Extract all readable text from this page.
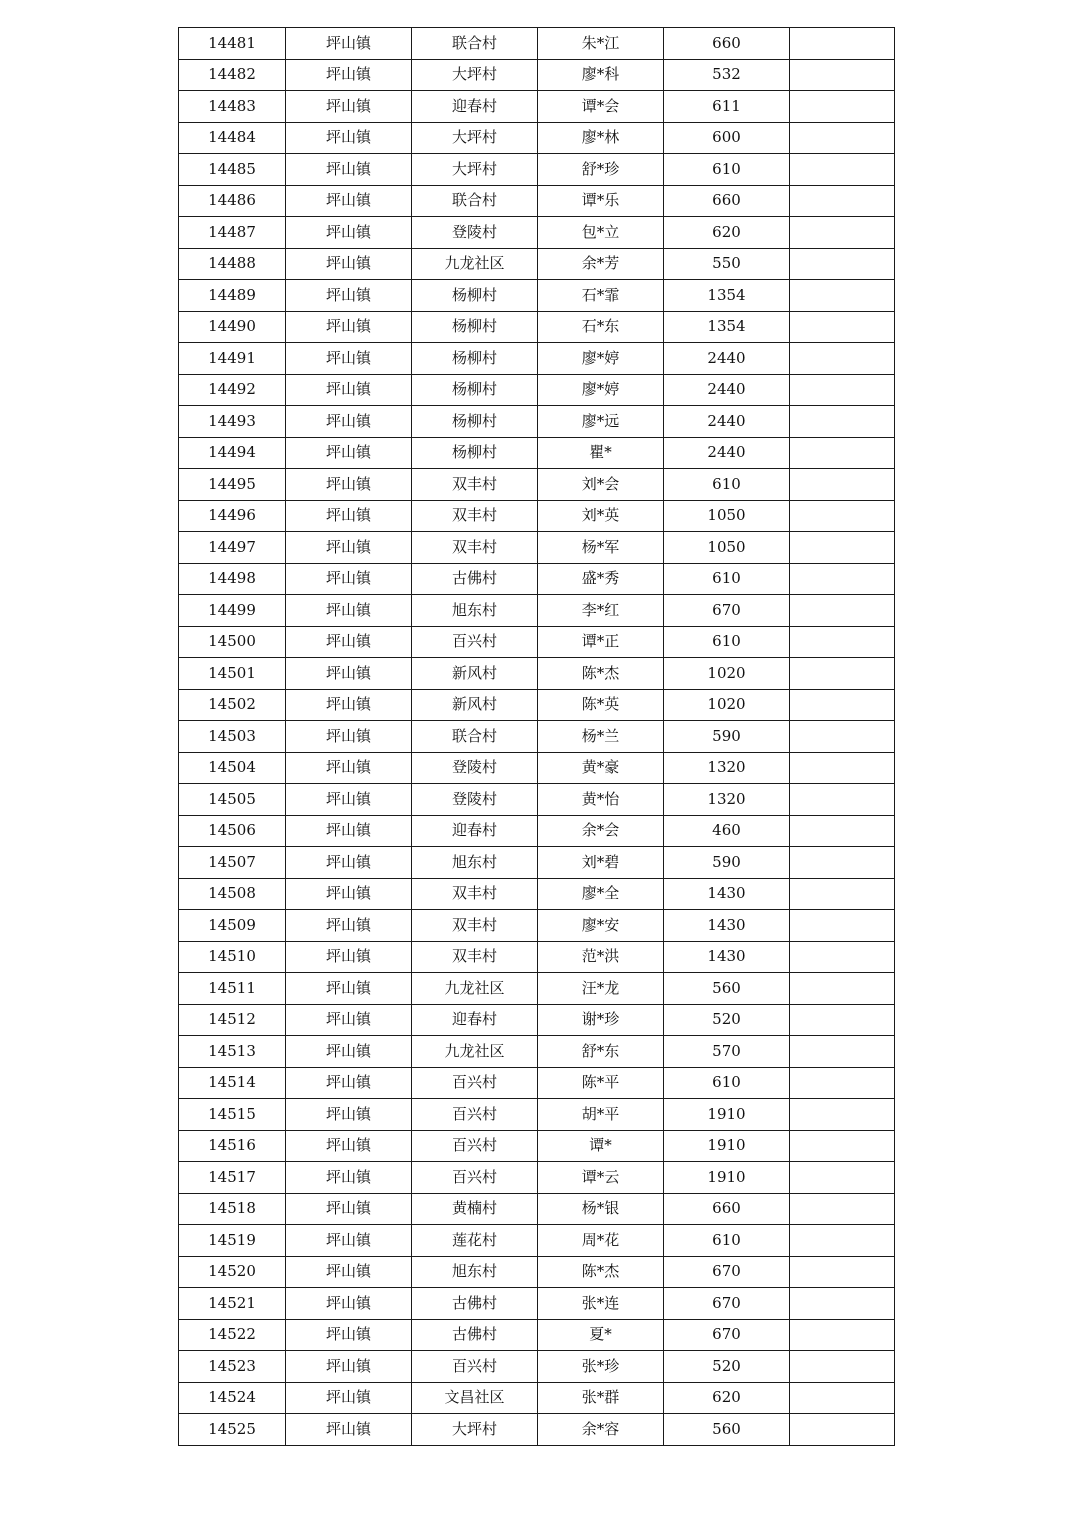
14481	坪山镇	联合村	朱*江	660	
14482	坪山镇	大坪村	廖*科	532	
14483	坪山镇	迎春村	谭*会	611	
14484	坪山镇	大坪村	廖*林	600	
14485	坪山镇	大坪村	舒*珍	610	
14486	坪山镇	联合村	谭*乐	660	
14487	坪山镇	登陵村	包*立	620	
14488	坪山镇	九龙社区	余*芳	550	
14489	坪山镇	杨柳村	石*霏	1354	
14490	坪山镇	杨柳村	石*东	1354	
14491	坪山镇	杨柳村	廖*婷	2440	
14492	坪山镇	杨柳村	廖*婷	2440	
14493	坪山镇	杨柳村	廖*远	2440	
14494	坪山镇	杨柳村	瞿*	2440	
14495	坪山镇	双丰村	刘*会	610	
14496	坪山镇	双丰村	刘*英	1050	
14497	坪山镇	双丰村	杨*军	1050	
14498	坪山镇	古佛村	盛*秀	610	
14499	坪山镇	旭东村	李*红	670	
14500	坪山镇	百兴村	谭*正	610	
14501	坪山镇	新风村	陈*杰	1020	
14502	坪山镇	新风村	陈*英	1020	
14503	坪山镇	联合村	杨*兰	590	
14504	坪山镇	登陵村	黄*豪	1320	
14505	坪山镇	登陵村	黄*怡	1320	
14506	坪山镇	迎春村	余*会	460	
14507	坪山镇	旭东村	刘*碧	590	
14508	坪山镇	双丰村	廖*全	1430	
14509	坪山镇	双丰村	廖*安	1430	
14510	坪山镇	双丰村	范*洪	1430	
14511	坪山镇	九龙社区	汪*龙	560	
14512	坪山镇	迎春村	谢*珍	520	
14513	坪山镇	九龙社区	舒*东	570	
14514	坪山镇	百兴村	陈*平	610	
14515	坪山镇	百兴村	胡*平	1910	
14516	坪山镇	百兴村	谭*	1910	
14517	坪山镇	百兴村	谭*云	1910	
14518	坪山镇	黄楠村	杨*银	660	
14519	坪山镇	莲花村	周*花	610	
14520	坪山镇	旭东村	陈*杰	670	
14521	坪山镇	古佛村	张*连	670	
14522	坪山镇	古佛村	夏*	670	
14523	坪山镇	百兴村	张*珍	520	
14524	坪山镇	文昌社区	张*群	620	
14525	坪山镇	大坪村	余*容	560	
